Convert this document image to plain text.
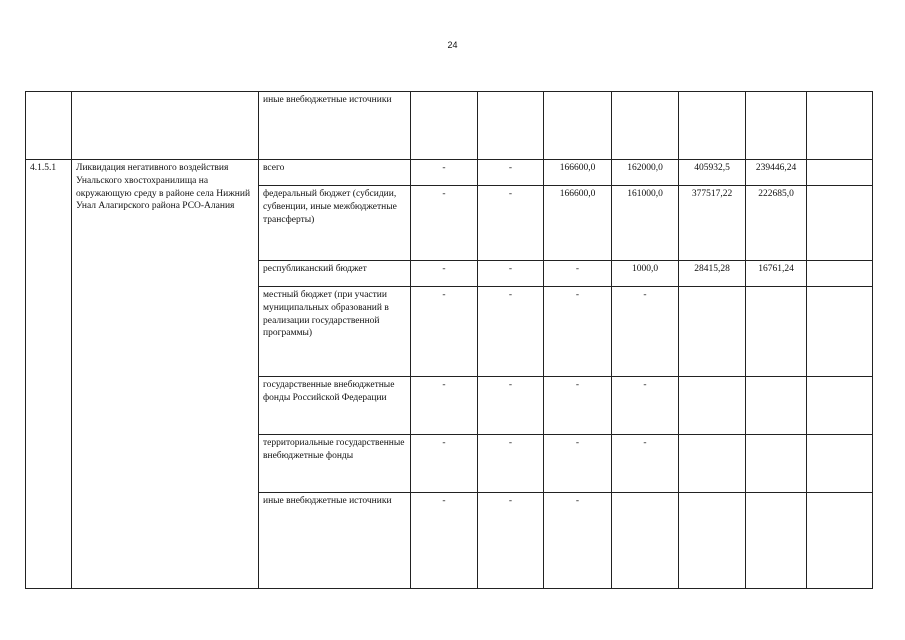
24
		иные внебюджетные источники							
4.1.5.1	Ликвидация негативного воздействия Унальского хвостохранилища на окружающую среду в районе села Нижний Унал Алагирского района РСО-Алания	всего	-	-	166600,0	162000,0	405932,5	239446,24	
		федеральный бюджет (субсидии, субвенции, иные межбюджетные трансферты)	-	-	166600,0	161000,0	377517,22	222685,0	
		республиканский бюджет	-	-	-	1000,0	28415,28	16761,24	
		местный бюджет (при участии муниципальных образований в реализации государственной программы)	-	-	-	-			
		государственные внебюджетные фонды Российской Федерации	-	-	-	-			
		территориальные государственные внебюджетные фонды	-	-	-	-			
		иные внебюджетные источники	-	-	-				
